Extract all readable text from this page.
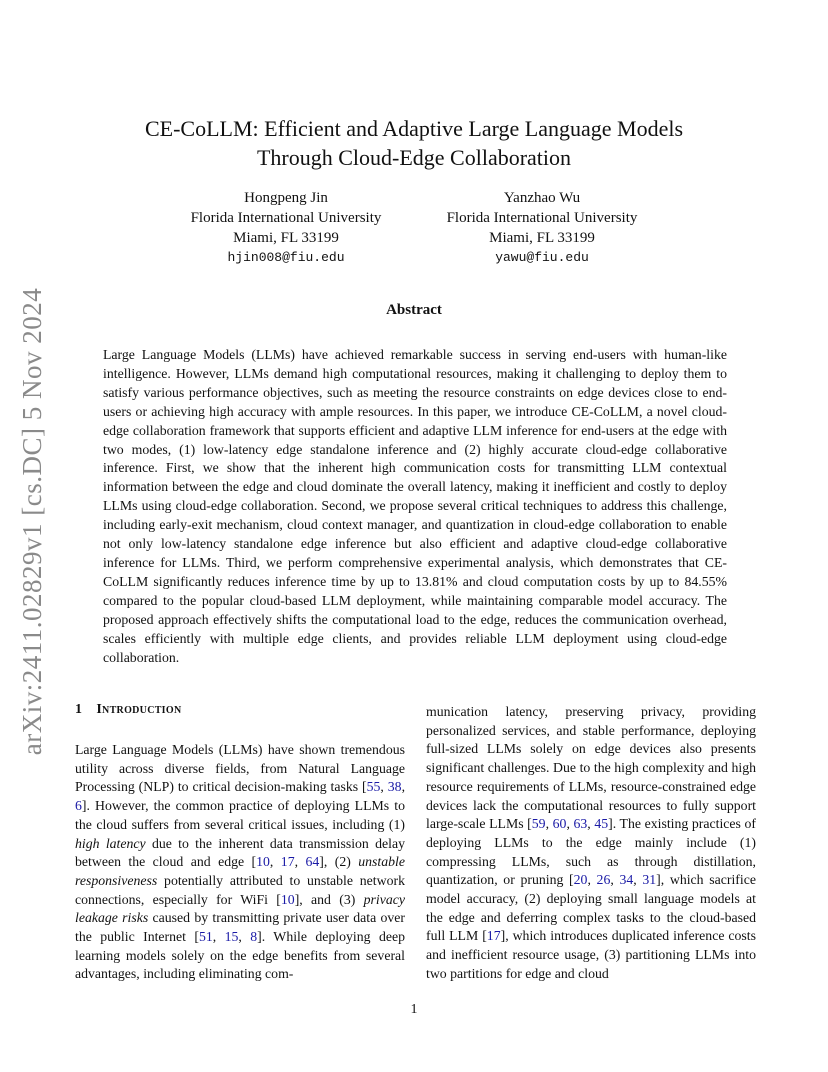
arXiv:2411.02829v1 [cs.DC] 5 Nov 2024
CE-CoLLM: Efficient and Adaptive Large Language Models
Through Cloud-Edge Collaboration
Hongpeng Jin
Florida International University
Miami, FL 33199
hjin008@fiu.edu
Yanzhao Wu
Florida International University
Miami, FL 33199
yawu@fiu.edu
Abstract

Large Language Models (LLMs) have achieved remarkable success in serving end-users with human-like intelligence. However, LLMs demand high computational resources, making it challenging to deploy them to satisfy various performance objectives, such as meeting the resource constraints on edge devices close to end-users or achieving high accuracy with ample resources. In this paper, we introduce CE-CoLLM, a novel cloud-edge collaboration framework that supports efficient and adaptive LLM inference for end-users at the edge with two modes, (1) low-latency edge standalone inference and (2) highly accurate cloud-edge collaborative inference. First, we show that the inherent high communication costs for transmitting LLM contextual information between the edge and cloud dominate the overall latency, making it inefficient and costly to deploy LLMs using cloud-edge collaboration. Second, we propose several critical techniques to address this challenge, including early-exit mechanism, cloud context manager, and quantization in cloud-edge collaboration to enable not only low-latency standalone edge inference but also efficient and adaptive cloud-edge collaborative inference for LLMs. Third, we perform comprehensive experimental analysis, which demonstrates that CE-CoLLM significantly reduces inference time by up to 13.81% and cloud computation costs by up to 84.55% compared to the popular cloud-based LLM deployment, while maintaining comparable model accuracy. The proposed approach effectively shifts the computational load to the edge, reduces the communication overhead, scales efficiently with multiple edge clients, and provides reliable LLM deployment using cloud-edge collaboration.

1 Introduction

Large Language Models (LLMs) have shown tremendous utility across diverse fields, from Natural Language Processing (NLP) to critical decision-making tasks [55, 38, 6]. However, the common practice of deploying LLMs to the cloud suffers from several critical issues, including (1) high latency due to the inherent data transmission delay between the cloud and edge [10, 17, 64], (2) unstable responsiveness potentially attributed to unstable network connections, especially for WiFi [10], and (3) privacy leakage risks caused by transmitting private user data over the public Internet [51, 15, 8]. While deploying deep learning models solely on the edge benefits from several advantages, including eliminating com-

munication latency, preserving privacy, providing personalized services, and stable performance, deploying full-sized LLMs solely on edge devices also presents significant challenges. Due to the high complexity and high resource requirements of LLMs, resource-constrained edge devices lack the computational resources to fully support large-scale LLMs [59, 60, 63, 45]. The existing practices of deploying LLMs to the edge mainly include (1) compressing LLMs, such as through distillation, quantization, or pruning [20, 26, 34, 31], which sacrifice model accuracy, (2) deploying small language models at the edge and deferring complex tasks to the cloud-based full LLM [17], which introduces duplicated inference costs and inefficient resource usage, (3) partitioning LLMs into two partitions for edge and cloud

1
